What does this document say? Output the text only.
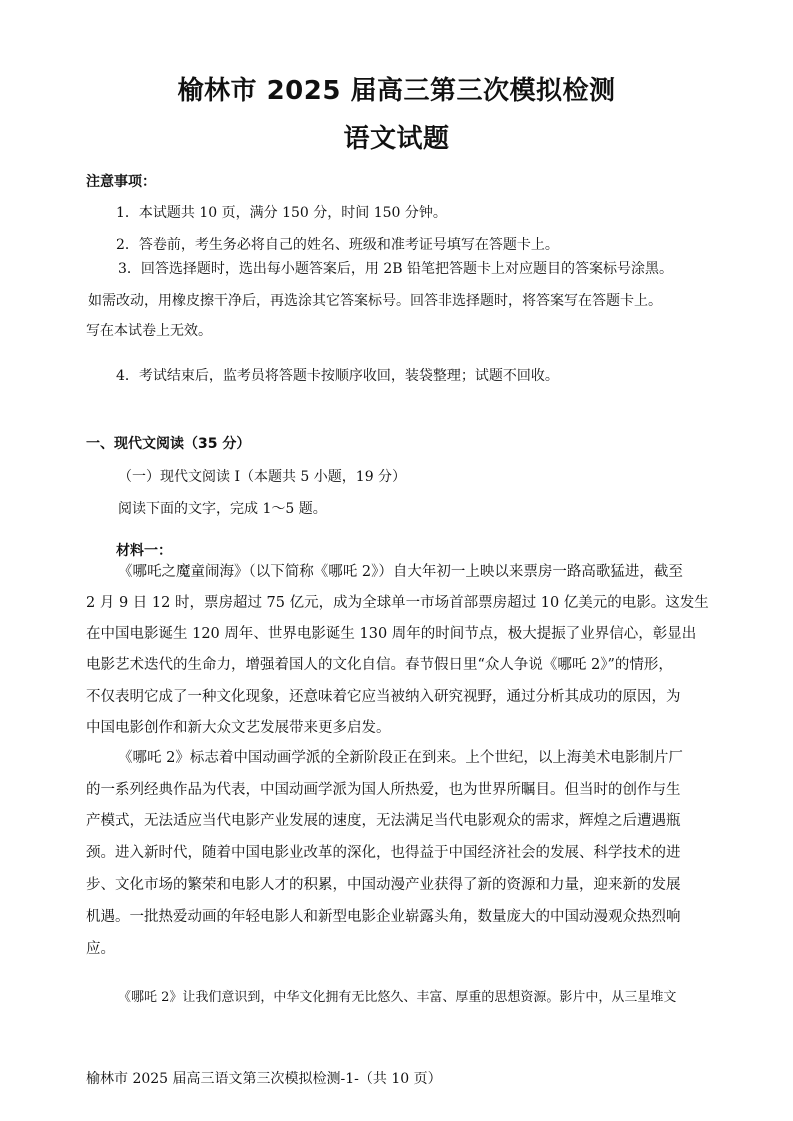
榆林市 2025 届高三第三次模拟检测
语文试题
注意事项：
1．本试题共 10 页，满分 150 分，时间 150 分钟。
2．答卷前，考生务必将自己的姓名、班级和准考证号填写在答题卡上。
3．回答选择题时，选出每小题答案后，用 2B 铅笔把答题卡上对应题目的答案标号涂黑。
如需改动，用橡皮擦干净后，再选涂其它答案标号。回答非选择题时，将答案写在答题卡上。
写在本试卷上无效。
4．考试结束后，监考员将答题卡按顺序收回，装袋整理；试题不回收。
一、现代文阅读（35 分）
（一）现代文阅读 I（本题共 5 小题，19 分）
阅读下面的文字，完成 1～5 题。
材料一：
《哪吒之魔童闹海》（以下简称《哪吒 2》）自大年初一上映以来票房一路高歌猛进，截至
2 月 9 日 12 时，票房超过 75 亿元，成为全球单一市场首部票房超过 10 亿美元的电影。这发生
在中国电影诞生 120 周年、世界电影诞生 130 周年的时间节点，极大提振了业界信心，彰显出
电影艺术迭代的生命力，增强着国人的文化自信。春节假日里“众人争说《哪吒 2》”的情形，
不仅表明它成了一种文化现象，还意味着它应当被纳入研究视野，通过分析其成功的原因，为
中国电影创作和新大众文艺发展带来更多启发。
《哪吒 2》标志着中国动画学派的全新阶段正在到来。上个世纪，以上海美术电影制片厂
的一系列经典作品为代表，中国动画学派为国人所热爱，也为世界所瞩目。但当时的创作与生
产模式，无法适应当代电影产业发展的速度，无法满足当代电影观众的需求，辉煌之后遭遇瓶
颈。进入新时代，随着中国电影业改革的深化，也得益于中国经济社会的发展、科学技术的进
步、文化市场的繁荣和电影人才的积累，中国动漫产业获得了新的资源和力量，迎来新的发展
机遇。一批热爱动画的年轻电影人和新型电影企业崭露头角，数量庞大的中国动漫观众热烈响
应。
《哪吒 2》让我们意识到，中华文化拥有无比悠久、丰富、厚重的思想资源。影片中，从三星堆文
榆林市 2025 届高三语文第三次模拟检测-1-（共 10 页）
